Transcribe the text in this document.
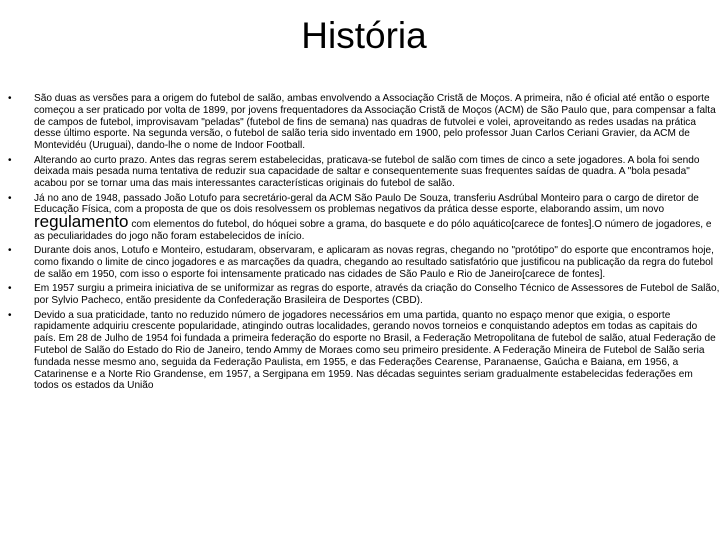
História
•	São duas as versões para a origem do futebol de salão, ambas envolvendo a Associação Cristã de Moços. A primeira, não é oficial até então o esporte começou a ser praticado por volta de 1899, por jovens frequentadores da Associação Cristã de Moços (ACM) de São Paulo que, para compensar a falta de campos de futebol, improvisavam "peladas" (futebol de fins de semana) nas quadras de futvolei e volei, aproveitando as redes usadas na prática desse último esporte. Na segunda versão, o futebol de salão teria sido inventado em 1900, pelo professor Juan Carlos Ceriani Gravier, da ACM de Montevidéu (Uruguai), dando-lhe o nome de Indoor Football.
•	Alterando ao curto prazo. Antes das regras serem estabelecidas, praticava-se futebol de salão com times de cinco a sete jogadores. A bola foi sendo deixada mais pesada numa tentativa de reduzir sua capacidade de saltar e consequentemente suas frequentes saídas de quadra. A "bola pesada" acabou por se tornar uma das mais interessantes características originais do futebol de salão.
•	Já no ano de 1948, passado João Lotufo para secretário-geral da ACM São Paulo De Souza, transferiu Asdrúbal Monteiro para o cargo de diretor de Educação Física, com a proposta de que os dois resolvessem os problemas negativos da prática desse esporte, elaborando assim, um novo regulamento com elementos do futebol, do hóquei sobre a grama, do basquete e do pólo aquático[carece de fontes].O número de jogadores, e as peculiaridades do jogo não foram estabelecidos de início.
•	Durante dois anos, Lotufo e Monteiro, estudaram, observaram, e aplicaram as novas regras, chegando no "protótipo" do esporte que encontramos hoje, como fixando o limite de cinco jogadores e as marcações da quadra, chegando ao resultado satisfatório que justificou na publicação da regra do futebol de salão em 1950, com isso o esporte foi intensamente praticado nas cidades de São Paulo e Rio de Janeiro[carece de fontes].
•	Em 1957 surgiu a primeira iniciativa de se uniformizar as regras do esporte, através da criação do Conselho Técnico de Assessores de Futebol de Salão, por Sylvio Pacheco, então presidente da Confederação Brasileira de Desportes (CBD).
•	Devido a sua praticidade, tanto no reduzido número de jogadores necessários em uma partida, quanto no espaço menor que exigia, o esporte rapidamente adquiriu crescente popularidade, atingindo outras localidades, gerando novos torneios e conquistando adeptos em todas as capitais do país. Em 28 de Julho de 1954 foi fundada a primeira federação do esporte no Brasil, a Federação Metropolitana de futebol de salão, atual Federação de Futebol de Salão do Estado do Rio de Janeiro, tendo Ammy de Moraes como seu primeiro presidente. A Federação Mineira de Futebol de Salão seria fundada nesse mesmo ano, seguida da Federação Paulista, em 1955, e das Federações Cearense, Paranaense, Gaúcha e Baiana, em 1956, a Catarinense e a Norte Rio Grandense, em 1957, a Sergipana em 1959. Nas décadas seguintes seriam gradualmente estabelecidas federações em todos os estados da União
